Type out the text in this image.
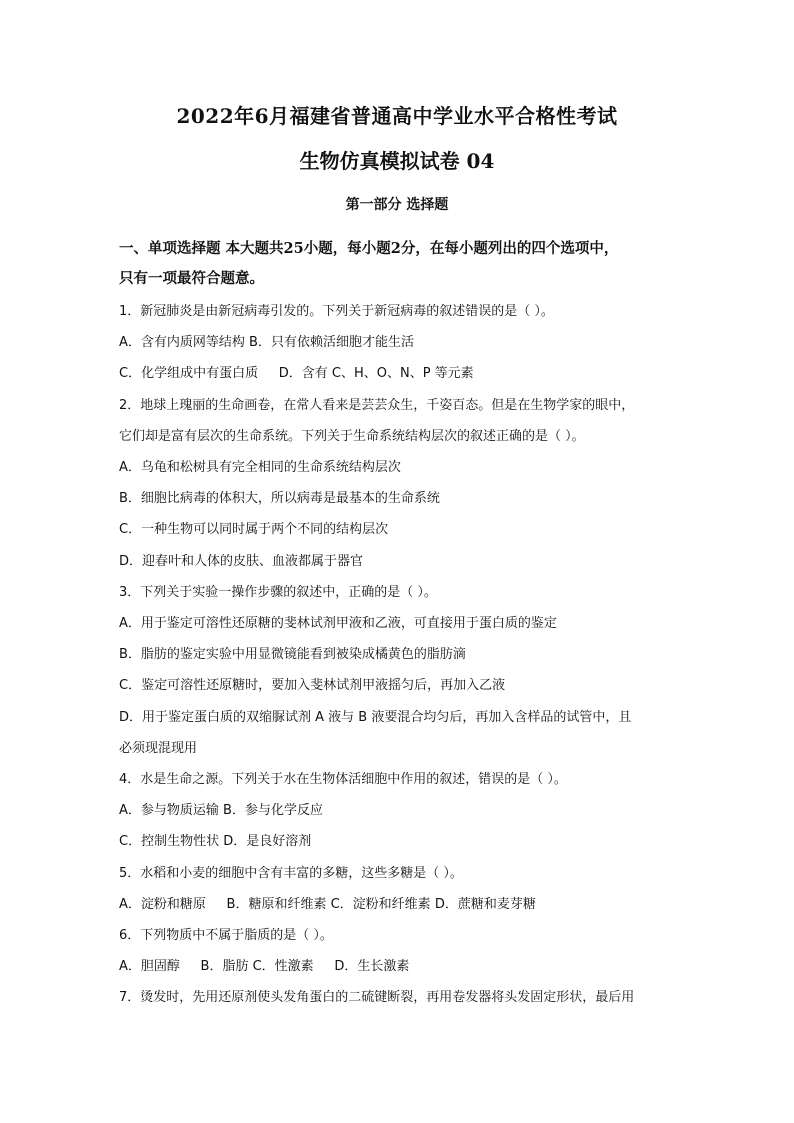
2022年6月福建省普通高中学业水平合格性考试
生物仿真模拟试卷 04
第一部分 选择题
一、单项选择题 本大题共25小题，每小题2分，在每小题列出的四个选项中，
只有一项最符合题意。
1．新冠肺炎是由新冠病毒引发的。下列关于新冠病毒的叙述错误的是（ ）。
A．含有内质网等结构 B．只有依赖活细胞才能生活
C．化学组成中有蛋白质     D．含有 C、H、O、N、P 等元素
2．地球上瑰丽的生命画卷，在常人看来是芸芸众生，千姿百态。但是在生物学家的眼中，
它们却是富有层次的生命系统。下列关于生命系统结构层次的叙述正确的是（ ）。
A．乌龟和松树具有完全相同的生命系统结构层次
B．细胞比病毒的体积大，所以病毒是最基本的生命系统
C．一种生物可以同时属于两个不同的结构层次
D．迎春叶和人体的皮肤、血液都属于器官
3．下列关于实验一操作步骤的叙述中，正确的是（ ）。
A．用于鉴定可溶性还原糖的斐林试剂甲液和乙液，可直接用于蛋白质的鉴定
B．脂肪的鉴定实验中用显微镜能看到被染成橘黄色的脂肪滴
C．鉴定可溶性还原糖时，要加入斐林试剂甲液摇匀后，再加入乙液
D．用于鉴定蛋白质的双缩脲试剂 A 液与 B 液要混合均匀后，再加入含样品的试管中，且
必须现混现用
4．水是生命之源。下列关于水在生物体活细胞中作用的叙述，错误的是（ ）。
A．参与物质运输 B．参与化学反应
C．控制生物性状 D．是良好溶剂
5．水稻和小麦的细胞中含有丰富的多糖，这些多糖是（ ）。
A．淀粉和糖原     B．糖原和纤维素 C．淀粉和纤维素 D．蔗糖和麦芽糖
6．下列物质中不属于脂质的是（ ）。
A．胆固醇     B．脂肪 C．性激素     D．生长激素
7．烫发时，先用还原剂使头发角蛋白的二硫键断裂，再用卷发器将头发固定形状，最后用
